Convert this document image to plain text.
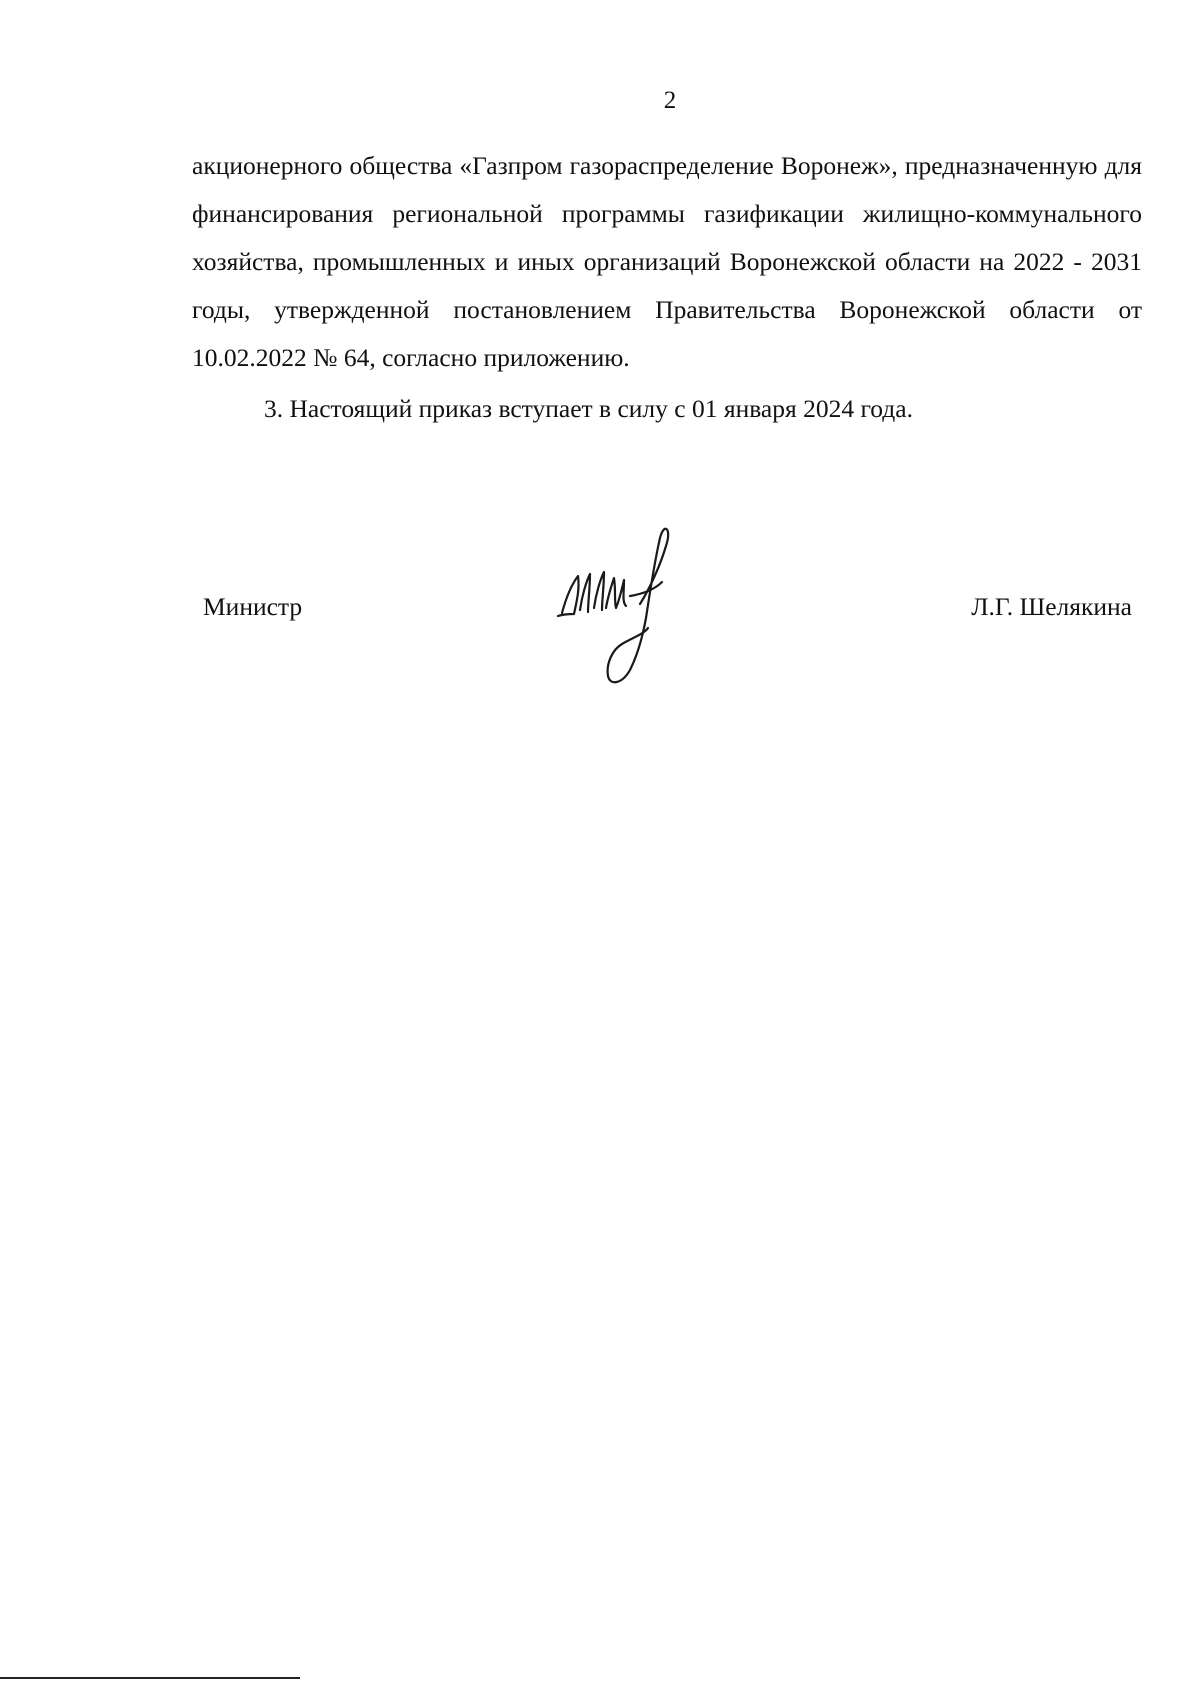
2

акционерного общества «Газпром газораспределение Воронеж», предназначенную для финансирования региональной программы газификации жилищно-коммунального хозяйства, промышленных и иных организаций Воронежской области на 2022 - 2031 годы, утвержденной постановлением Правительства Воронежской области от 10.02.2022 № 64, согласно приложению.

3. Настоящий приказ вступает в силу с 01 января 2024 года.

Министр	Л.Г. Шелякина
